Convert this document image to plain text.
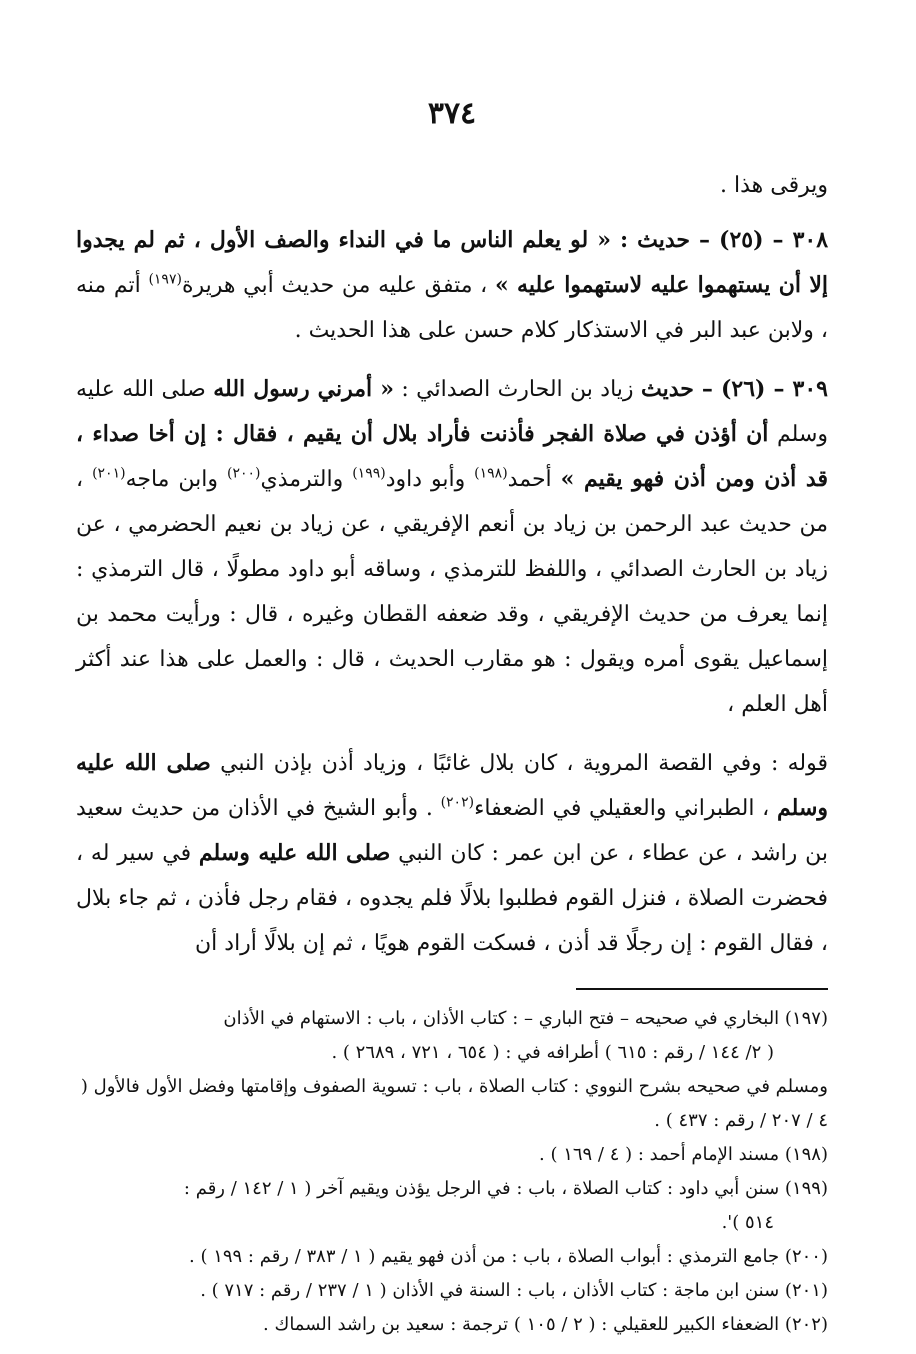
٣٧٤

ويرقى هذا .

٣٠٨ – (٢٥) – حديث : « لو يعلم الناس ما في النداء والصف الأول ، ثم لم يجدوا إلا أن يستهموا عليه لاستهموا عليه » ، متفق عليه من حديث أبي هريرة$^{(١٩٧)}$ أتم منه ، ولابن عبد البر في الاستذكار كلام حسن على هذا الحديث .

٣٠٩ – (٢٦) – حديث زياد بن الحارث الصدائي : « أمرني رسول الله صلى الله عليه وسلم أن أؤذن في صلاة الفجر فأذنت فأراد بلال أن يقيم ، فقال : إن أخا صداء ، قد أذن ومن أذن فهو يقيم » أحمد$^{(١٩٨)}$ وأبو داود$^{(١٩٩)}$ والترمذي$^{(٢٠٠)}$ وابن ماجه$^{(٢٠١)}$ ، من حديث عبد الرحمن بن زياد بن أنعم الإفريقي ، عن زياد بن نعيم الحضرمي ، عن زياد بن الحارث الصدائي ، واللفظ للترمذي ، وساقه أبو داود مطولًا ، قال الترمذي : إنما يعرف من حديث الإفريقي ، وقد ضعفه القطان وغيره ، قال : ورأيت محمد بن إسماعيل يقوى أمره ويقول : هو مقارب الحديث ، قال : والعمل على هذا عند أكثر أهل العلم ،

قوله : وفي القصة المروية ، كان بلال غائبًا ، وزياد أذن بإذن النبي صلى الله عليه وسلم ، الطبراني والعقيلي في الضعفاء$^{(٢٠٢)}$ . وأبو الشيخ في الأذان من حديث سعيد بن راشد ، عن عطاء ، عن ابن عمر : كان النبي صلى الله عليه وسلم في سير له ، فحضرت الصلاة ، فنزل القوم فطلبوا بلالًا فلم يجدوه ، فقام رجل فأذن ، ثم جاء بلال ، فقال القوم : إن رجلًا قد أذن ، فسكت القوم هويًا ، ثم إن بلالًا أراد أن

(١٩٧) البخاري في صحيحه – فتح الباري – : كتاب الأذان ، باب : الاستهام في الأذان
( ٢/ ١٤٤ / رقم : ٦١٥ ) أطرافه في : ( ٦٥٤ ، ٧٢١ ، ٢٦٨٩ ) .
ومسلم في صحيحه بشرح النووي : كتاب الصلاة ، باب : تسوية الصفوف وإقامتها وفضل الأول فالأول ( ٤ / ٢٠٧ / رقم : ٤٣٧ ) .
(١٩٨) مسند الإمام أحمد : ( ٤ / ١٦٩ ) .
(١٩٩) سنن أبي داود : كتاب الصلاة ، باب : في الرجل يؤذن ويقيم آخر ( ١ / ١٤٢ / رقم :
٥١٤ )'.
(٢٠٠) جامع الترمذي : أبواب الصلاة ، باب : من أذن فهو يقيم ( ١ / ٣٨٣ / رقم : ١٩٩ ) .
(٢٠١) سنن ابن ماجة : كتاب الأذان ، باب : السنة في الأذان ( ١ / ٢٣٧ / رقم : ٧١٧ ) .
(٢٠٢) الضعفاء الكبير للعقيلي : ( ٢ / ١٠٥ ) ترجمة : سعيد بن راشد السماك .
